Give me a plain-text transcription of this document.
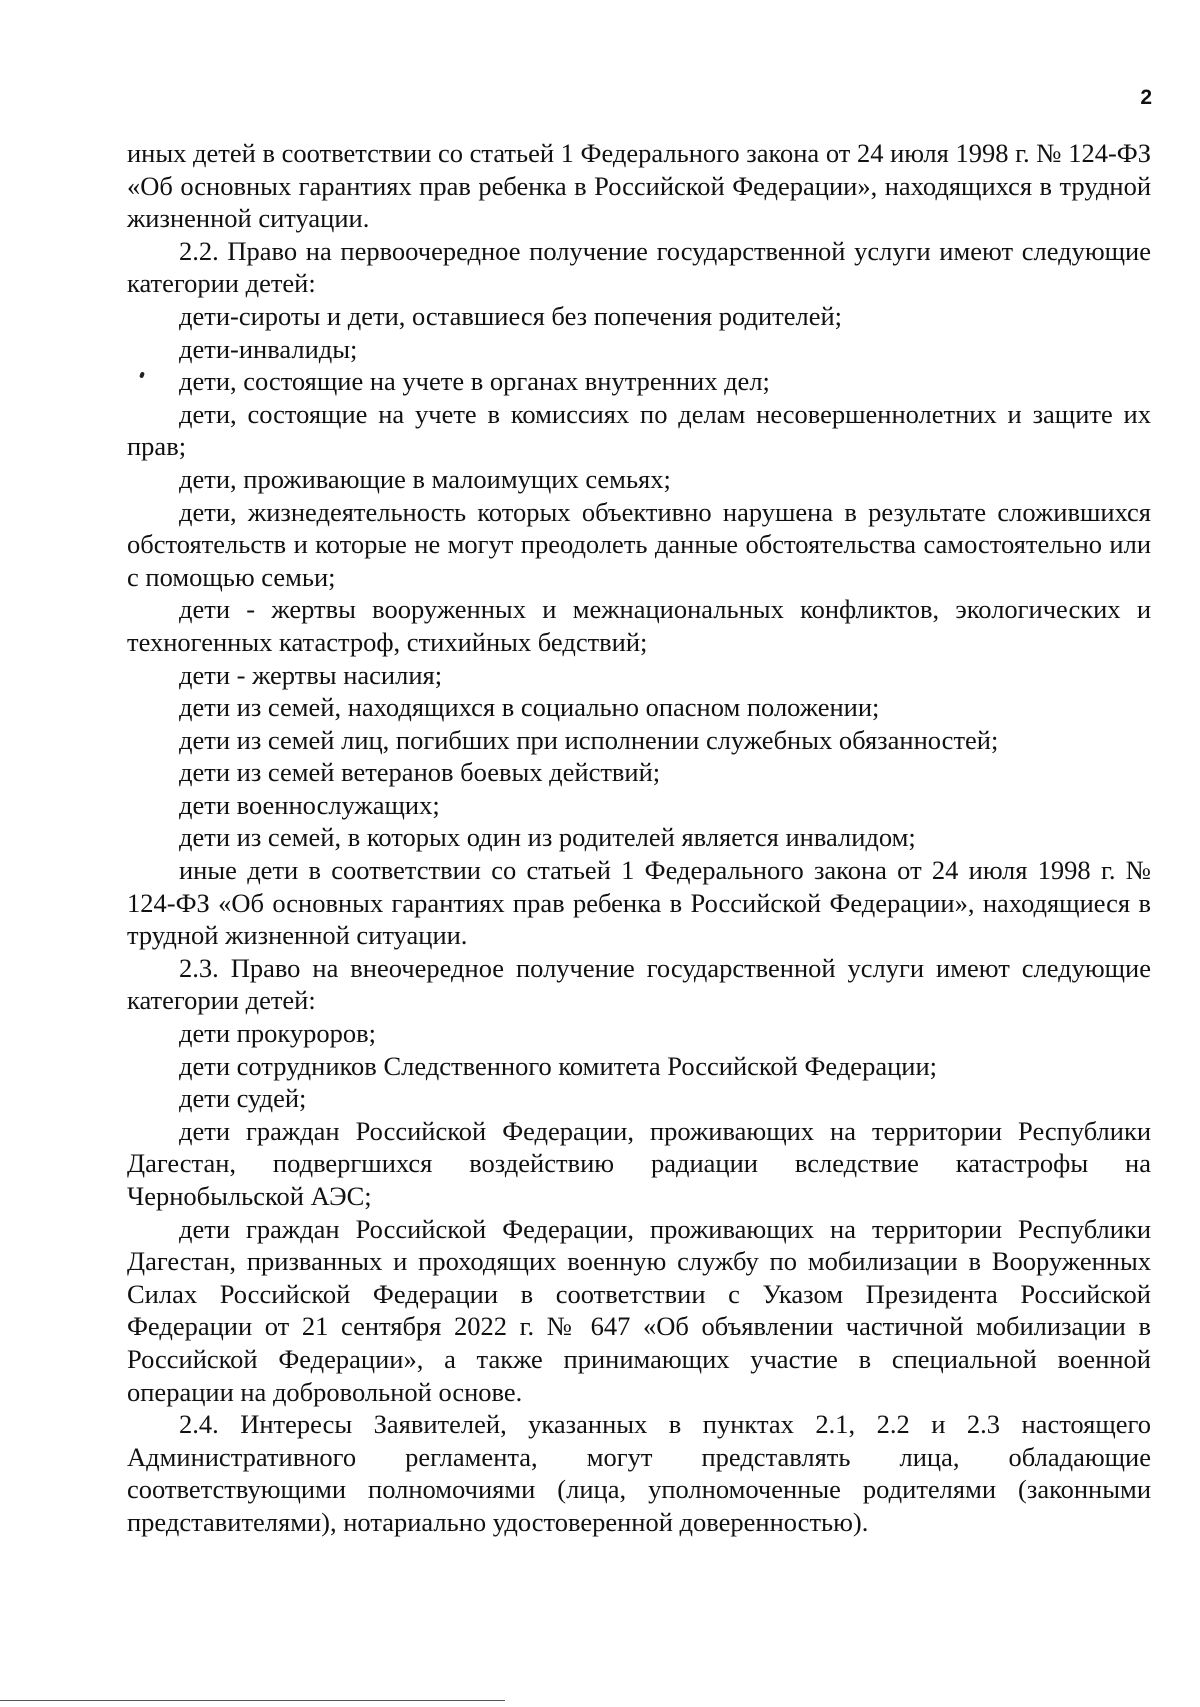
2

иных детей в соответствии со статьей 1 Федерального закона от 24 июля 1998 г. № 124-ФЗ «Об основных гарантиях прав ребенка в Российской Федерации», находящихся в трудной жизненной ситуации.

2.2. Право на первоочередное получение государственной услуги имеют следующие категории детей:

дети-сироты и дети, оставшиеся без попечения родителей;

дети-инвалиды;

дети, состоящие на учете в органах внутренних дел;

дети, состоящие на учете в комиссиях по делам несовершеннолетних и защите их прав;

дети, проживающие в малоимущих семьях;

дети, жизнедеятельность которых объективно нарушена в результате сложившихся обстоятельств и которые не могут преодолеть данные обстоятельства самостоятельно или с помощью семьи;

дети - жертвы вооруженных и межнациональных конфликтов, экологических и техногенных катастроф, стихийных бедствий;

дети - жертвы насилия;

дети из семей, находящихся в социально опасном положении;

дети из семей лиц, погибших при исполнении служебных обязанностей;

дети из семей ветеранов боевых действий;

дети военнослужащих;

дети из семей, в которых один из родителей является инвалидом;

иные дети в соответствии со статьей 1 Федерального закона от 24 июля 1998 г. № 124-ФЗ «Об основных гарантиях прав ребенка в Российской Федерации», находящиеся в трудной жизненной ситуации.

2.3. Право на внеочередное получение государственной услуги имеют следующие категории детей:

дети прокуроров;

дети сотрудников Следственного комитета Российской Федерации;

дети судей;

дети граждан Российской Федерации, проживающих на территории Республики Дагестан, подвергшихся воздействию радиации вследствие катастрофы на Чернобыльской АЭС;

дети граждан Российской Федерации, проживающих на территории Республики Дагестан, призванных и проходящих военную службу по мобилизации в Вооруженных Силах Российской Федерации в соответствии с Указом Президента Российской Федерации от 21 сентября 2022 г. № 647 «Об объявлении частичной мобилизации в Российской Федерации», а также принимающих участие в специальной военной операции на добровольной основе.

2.4. Интересы Заявителей, указанных в пунктах 2.1, 2.2 и 2.3 настоящего Административного регламента, могут представлять лица, обладающие соответствующими полномочиями (лица, уполномоченные родителями (законными представителями), нотариально удостоверенной доверенностью).
